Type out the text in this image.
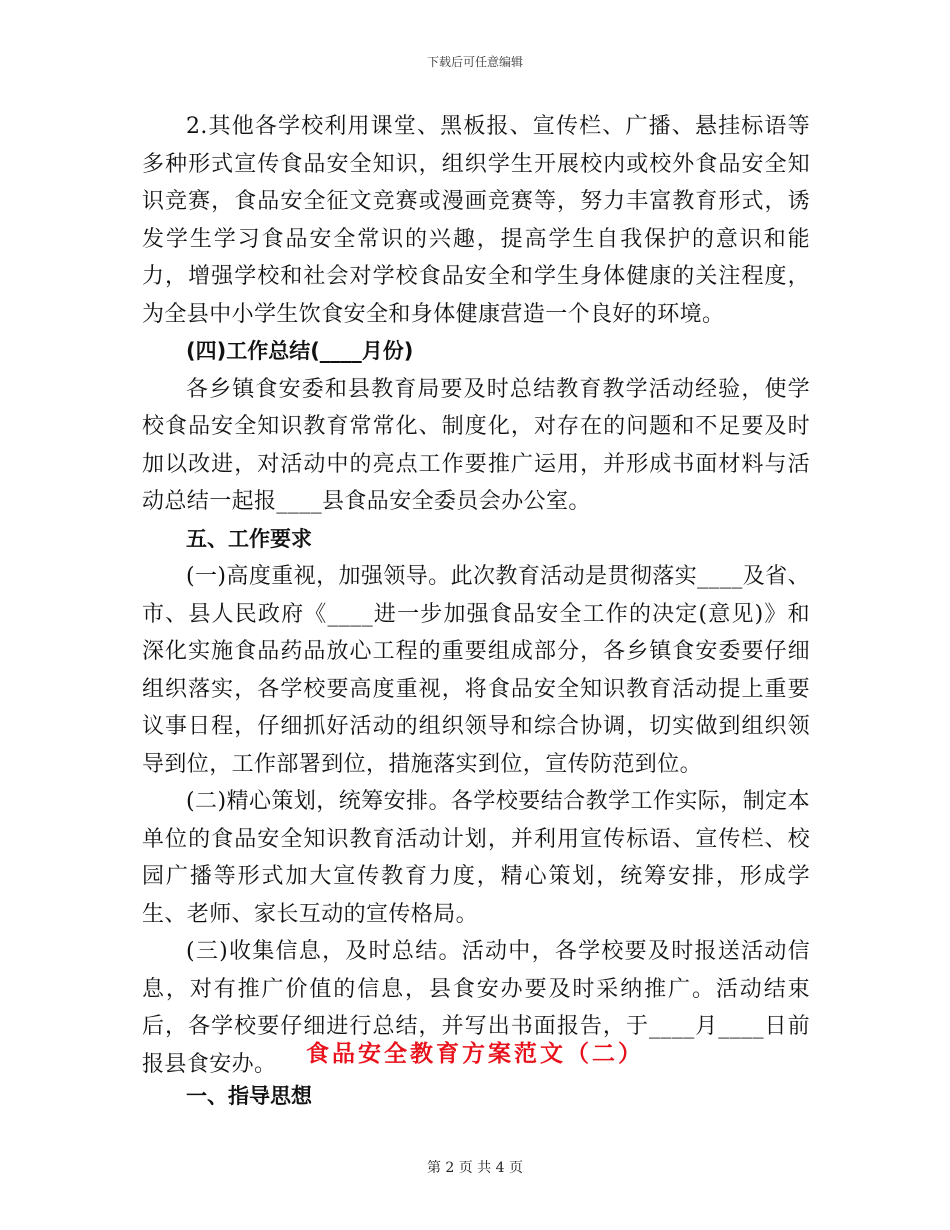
下载后可任意编辑

2.其他各学校利用课堂、黑板报、宣传栏、广播、悬挂标语等多种形式宣传食品安全知识，组织学生开展校内或校外食品安全知识竞赛，食品安全征文竞赛或漫画竞赛等，努力丰富教育形式，诱发学生学习食品安全常识的兴趣，提高学生自我保护的意识和能力，增强学校和社会对学校食品安全和学生身体健康的关注程度，为全县中小学生饮食安全和身体健康营造一个良好的环境。

(四)工作总结(____月份)

各乡镇食安委和县教育局要及时总结教育教学活动经验，使学校食品安全知识教育常常化、制度化，对存在的问题和不足要及时加以改进，对活动中的亮点工作要推广运用，并形成书面材料与活动总结一起报____县食品安全委员会办公室。

五、工作要求

(一)高度重视，加强领导。此次教育活动是贯彻落实____及省、市、县人民政府《____进一步加强食品安全工作的决定(意见)》和深化实施食品药品放心工程的重要组成部分，各乡镇食安委要仔细组织落实，各学校要高度重视，将食品安全知识教育活动提上重要议事日程，仔细抓好活动的组织领导和综合协调，切实做到组织领导到位，工作部署到位，措施落实到位，宣传防范到位。

(二)精心策划，统筹安排。各学校要结合教学工作实际，制定本单位的食品安全知识教育活动计划，并利用宣传标语、宣传栏、校园广播等形式加大宣传教育力度，精心策划，统筹安排，形成学生、老师、家长互动的宣传格局。

(三)收集信息，及时总结。活动中，各学校要及时报送活动信息，对有推广价值的信息，县食安办要及时采纳推广。活动结束后，各学校要仔细进行总结，并写出书面报告，于____月____日前报县食安办。	食品安全教育方案范文（二）
一、指导思想
第 2 页 共 4 页
